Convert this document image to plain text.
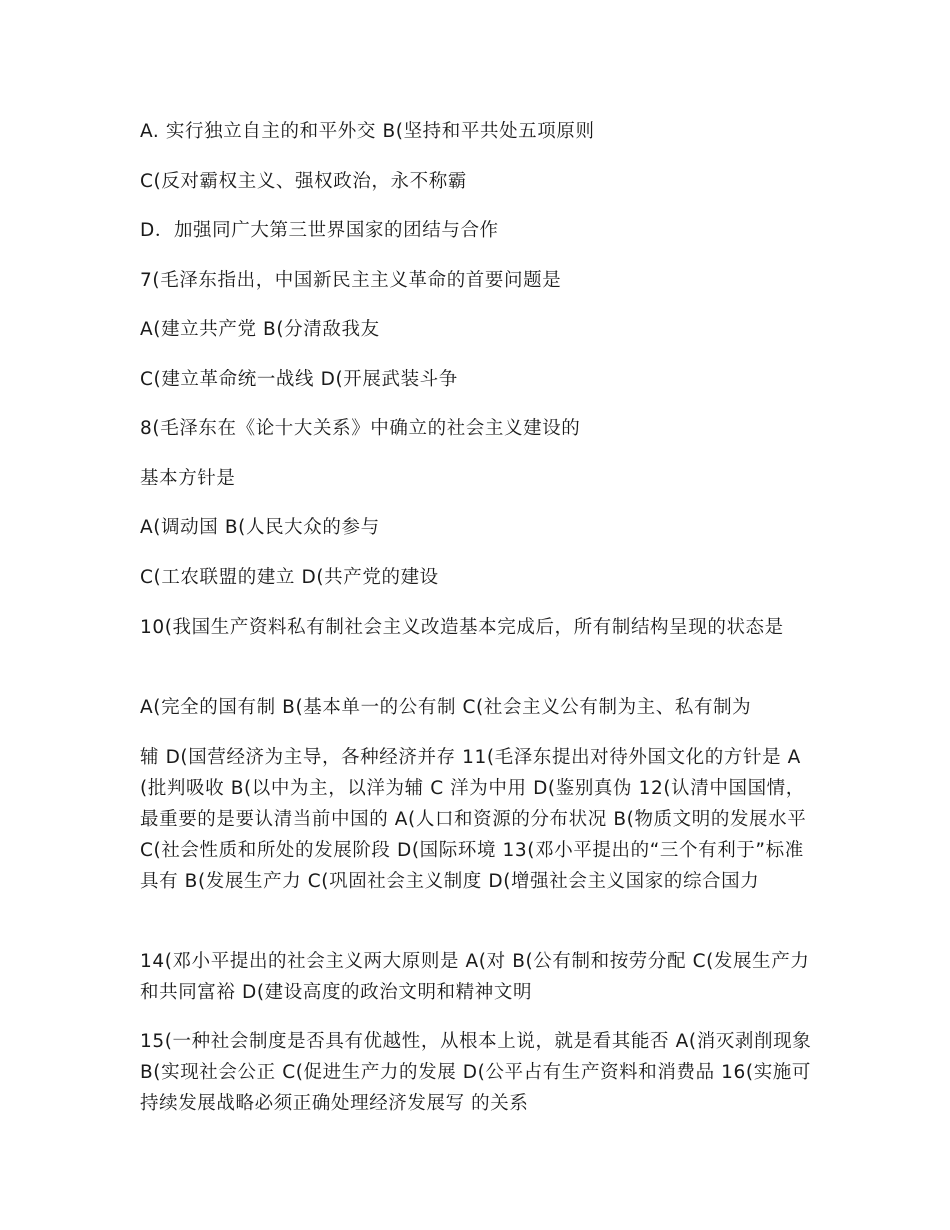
A. 实行独立自主的和平外交 B(坚持和平共处五项原则

C(反对霸权主义、强权政治，永不称霸

D．加强同广大第三世界国家的团结与合作

7(毛泽东指出，中国新民主主义革命的首要问题是

A(建立共产党 B(分清敌我友

C(建立革命统一战线 D(开展武装斗争

8(毛泽东在《论十大关系》中确立的社会主义建设的

基本方针是

A(调动国 B(人民大众的参与

C(工农联盟的建立 D(共产党的建设

10(我国生产资料私有制社会主义改造基本完成后，所有制结构呈现的状态是

A(完全的国有制 B(基本单一的公有制 C(社会主义公有制为主、私有制为

辅 D(国营经济为主导，各种经济并存 11(毛泽东提出对待外国文化的方针是 A(批判吸收 B(以中为主，以洋为辅 C 洋为中用 D(鉴别真伪 12(认清中国国情，最重要的是要认清当前中国的 A(人口和资源的分布状况 B(物质文明的发展水平 C(社会性质和所处的发展阶段 D(国际环境 13(邓小平提出的“三个有利于”标准具有 B(发展生产力 C(巩固社会主义制度 D(增强社会主义国家的综合国力

14(邓小平提出的社会主义两大原则是 A(对 B(公有制和按劳分配 C(发展生产力和共同富裕 D(建设高度的政治文明和精神文明

15(一种社会制度是否具有优越性，从根本上说，就是看其能否 A(消灭剥削现象 B(实现社会公正 C(促进生产力的发展 D(公平占有生产资料和消费品 16(实施可持续发展战略必须正确处理经济发展写 的关系
